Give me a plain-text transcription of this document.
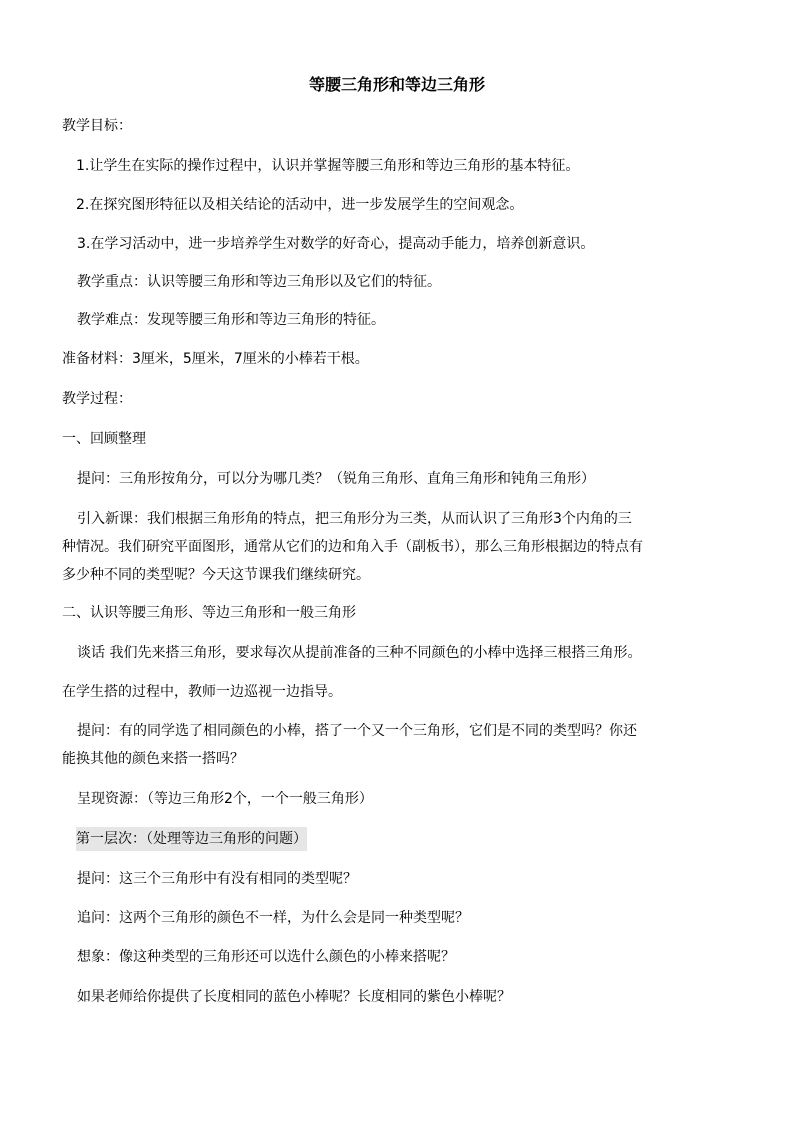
等腰三角形和等边三角形

教学目标：

1.让学生在实际的操作过程中，认识并掌握等腰三角形和等边三角形的基本特征。

2.在探究图形特征以及相关结论的活动中，进一步发展学生的空间观念。

3.在学习活动中，进一步培养学生对数学的好奇心，提高动手能力，培养创新意识。

教学重点：认识等腰三角形和等边三角形以及它们的特征。

教学难点：发现等腰三角形和等边三角形的特征。

准备材料：3厘米，5厘米，7厘米的小棒若干根。

教学过程：

一、回顾整理

提问：三角形按角分，可以分为哪几类？（锐角三角形、直角三角形和钝角三角形）

引入新课：我们根据三角形角的特点，把三角形分为三类，从而认识了三角形3个内角的三

种情况。我们研究平面图形，通常从它们的边和角入手（副板书），那么三角形根据边的特点有

多少种不同的类型呢？今天这节课我们继续研究。

二、认识等腰三角形、等边三角形和一般三角形

谈话 我们先来搭三角形，要求每次从提前准备的三种不同颜色的小棒中选择三根搭三角形。

在学生搭的过程中，教师一边巡视一边指导。

提问：有的同学选了相同颜色的小棒，搭了一个又一个三角形，它们是不同的类型吗？你还

能换其他的颜色来搭一搭吗？

呈现资源：（等边三角形2个，一个一般三角形）

第一层次：（处理等边三角形的问题）

提问：这三个三角形中有没有相同的类型呢？

追问：这两个三角形的颜色不一样，为什么会是同一种类型呢？

想象：像这种类型的三角形还可以选什么颜色的小棒来搭呢？

如果老师给你提供了长度相同的蓝色小棒呢？长度相同的紫色小棒呢？
